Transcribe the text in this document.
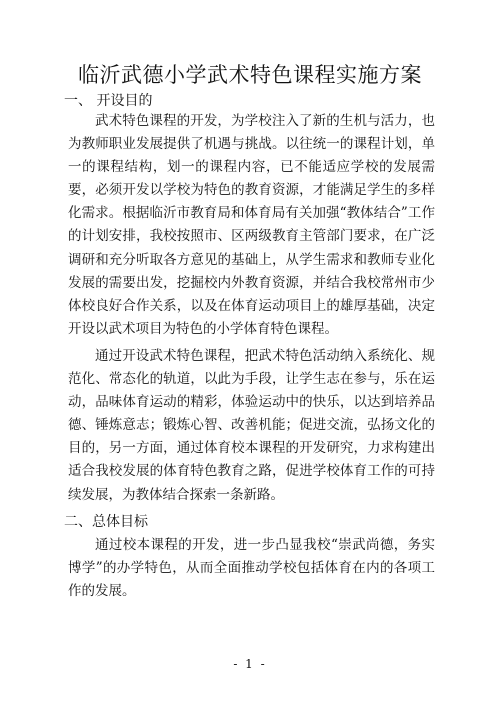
临沂武德小学武术特色课程实施方案
一、 开设目的

武术特色课程的开发，为学校注入了新的生机与活力，也为教师职业发展提供了机遇与挑战。以往统一的课程计划，单一的课程结构，划一的课程内容，已不能适应学校的发展需要，必须开发以学校为特色的教育资源，才能满足学生的多样化需求。根据临沂市教育局和体育局有关加强“教体结合”工作的计划安排，我校按照市、区两级教育主管部门要求，在广泛调研和充分听取各方意见的基础上，从学生需求和教师专业化发展的需要出发，挖掘校内外教育资源，并结合我校常州市少体校良好合作关系，以及在体育运动项目上的雄厚基础，决定开设以武术项目为特色的小学体育特色课程。

通过开设武术特色课程，把武术特色活动纳入系统化、规范化、常态化的轨道，以此为手段，让学生志在参与，乐在运动，品味体育运动的精彩，体验运动中的快乐，以达到培养品德、锤炼意志；锻炼心智、改善机能；促进交流，弘扬文化的目的，另一方面，通过体育校本课程的开发研究，力求构建出适合我校发展的体育特色教育之路，促进学校体育工作的可持续发展，为教体结合探索一条新路。

二、总体目标

通过校本课程的开发，进一步凸显我校“崇武尚德，务实博学”的办学特色，从而全面推动学校包括体育在内的各项工作的发展。

- 1 -
